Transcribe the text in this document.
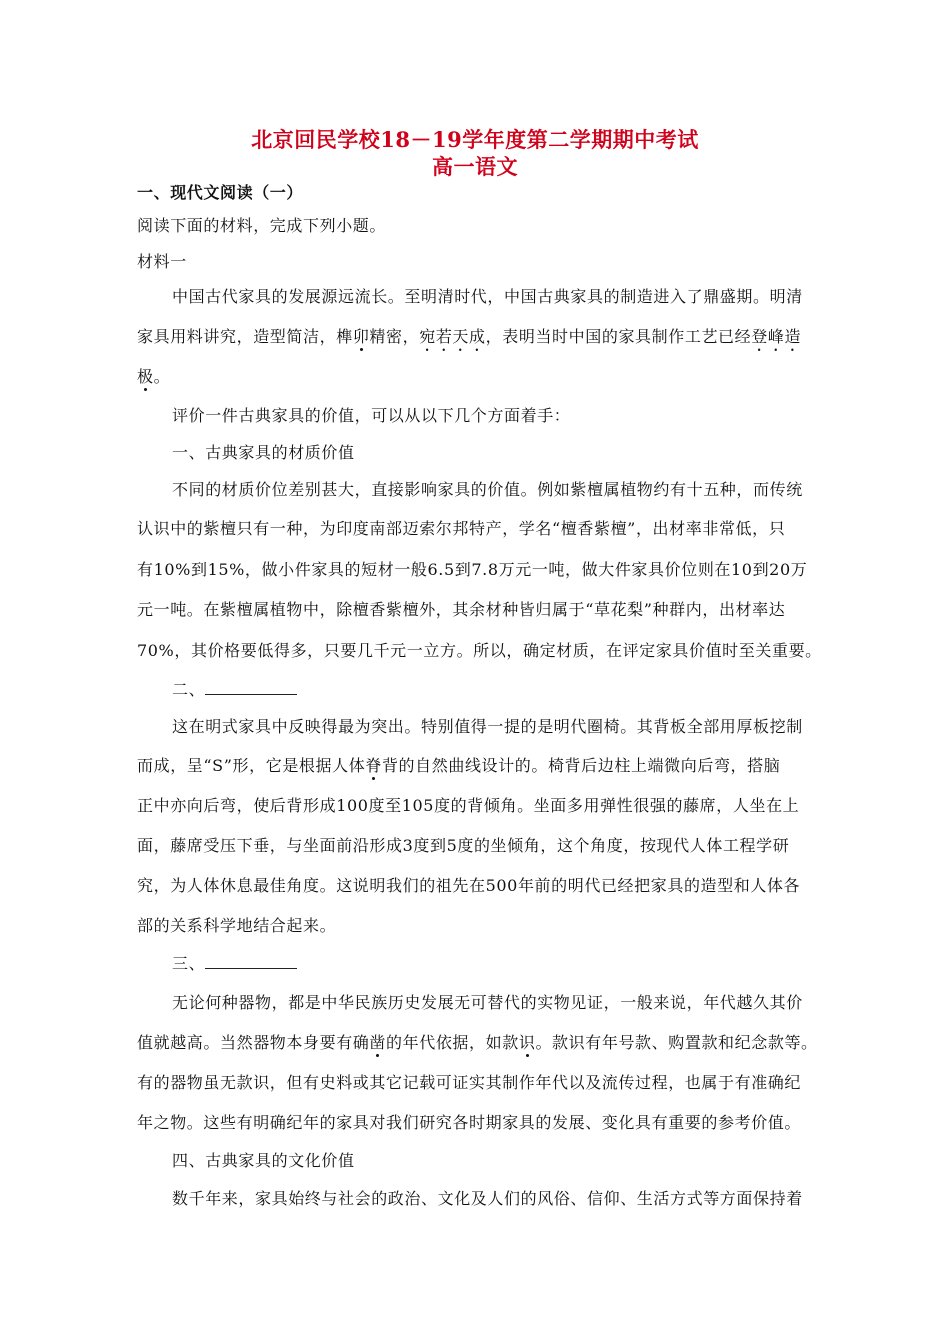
北京回民学校18－19学年度第二学期期中考试
高一语文
一、现代文阅读（一）
阅读下面的材料，完成下列小题。
材料一
中国古代家具的发展源远流长。至明清时代，中国古典家具的制造进入了鼎盛期。明清
家具用料讲究，造型简洁，榫卯精密，宛若天成，表明当时中国的家具制作工艺已经登峰造
极。
评价一件古典家具的价值，可以从以下几个方面着手：
一、古典家具的材质价值
不同的材质价位差别甚大，直接影响家具的价值。例如紫檀属植物约有十五种，而传统
认识中的紫檀只有一种，为印度南部迈索尔邦特产，学名“檀香紫檀”，出材率非常低，只
有10%到15%，做小件家具的短材一般6.5到7.8万元一吨，做大件家具价位则在10到20万
元一吨。在紫檀属植物中，除檀香紫檀外，其余材种皆归属于“草花梨”种群内，出材率达
70%，其价格要低得多，只要几千元一立方。所以，确定材质，在评定家具价值时至关重要。
二、
这在明式家具中反映得最为突出。特别值得一提的是明代圈椅。其背板全部用厚板挖制
而成，呈“S”形，它是根据人体脊背的自然曲线设计的。椅背后边柱上端微向后弯，搭脑
正中亦向后弯，使后背形成100度至105度的背倾角。坐面多用弹性很强的藤席，人坐在上
面，藤席受压下垂，与坐面前沿形成3度到5度的坐倾角，这个角度，按现代人体工程学研
究，为人体休息最佳角度。这说明我们的祖先在500年前的明代已经把家具的造型和人体各
部的关系科学地结合起来。
三、
无论何种器物，都是中华民族历史发展无可替代的实物见证，一般来说，年代越久其价
值就越高。当然器物本身要有确凿的年代依据，如款识。款识有年号款、购置款和纪念款等。
有的器物虽无款识，但有史料或其它记载可证实其制作年代以及流传过程，也属于有准确纪
年之物。这些有明确纪年的家具对我们研究各时期家具的发展、变化具有重要的参考价值。
四、古典家具的文化价值
数千年来，家具始终与社会的政治、文化及人们的风俗、信仰、生活方式等方面保持着
